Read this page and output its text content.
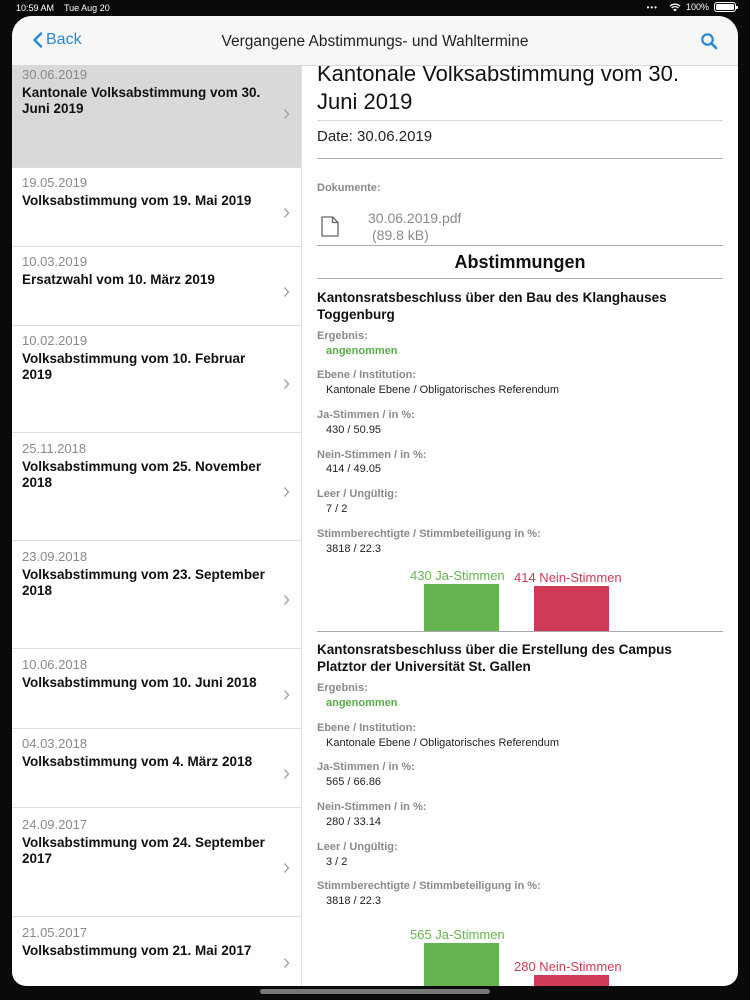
10:59 AM Tue Aug 20	•••	100%
Back	Vergangene Abstimmungs- und Wahltermine
30.06.2019
Kantonale Volksabstimmung vom 30. Juni 2019
19.05.2019
Volksabstimmung vom 19. Mai 2019
10.03.2019
Ersatzwahl vom 10. März 2019
10.02.2019
Volksabstimmung vom 10. Februar 2019
25.11.2018
Volksabstimmung vom 25. November 2018
23.09.2018
Volksabstimmung vom 23. September 2018
10.06.2018
Volksabstimmung vom 10. Juni 2018
04.03.2018
Volksabstimmung vom 4. März 2018
24.09.2017
Volksabstimmung vom 24. September 2017
21.05.2017
Volksabstimmung vom 21. Mai 2017
Kantonale Volksabstimmung vom 30. Juni 2019
Date: 30.06.2019
Dokumente:
30.06.2019.pdf
(89.8 kB)
Abstimmungen
Kantonsratsbeschluss über den Bau des Klanghauses Toggenburg
Ergebnis:
angenommen
Ebene / Institution:
Kantonale Ebene / Obligatorisches Referendum
Ja-Stimmen / in %:
430 / 50.95
Nein-Stimmen / in %:
414 / 49.05
Leer / Ungültig:
7 / 2
Stimmberechtigte / Stimmbeteiligung in %:
3818 / 22.3
430 Ja-Stimmen 414 Nein-Stimmen
Kantonsratsbeschluss über die Erstellung des Campus Platztor der Universität St. Gallen
Ergebnis:
angenommen
Ebene / Institution:
Kantonale Ebene / Obligatorisches Referendum
Ja-Stimmen / in %:
565 / 66.86
Nein-Stimmen / in %:
280 / 33.14
Leer / Ungültig:
3 / 2
Stimmberechtigte / Stimmbeteiligung in %:
3818 / 22.3
565 Ja-Stimmen
280 Nein-Stimmen
